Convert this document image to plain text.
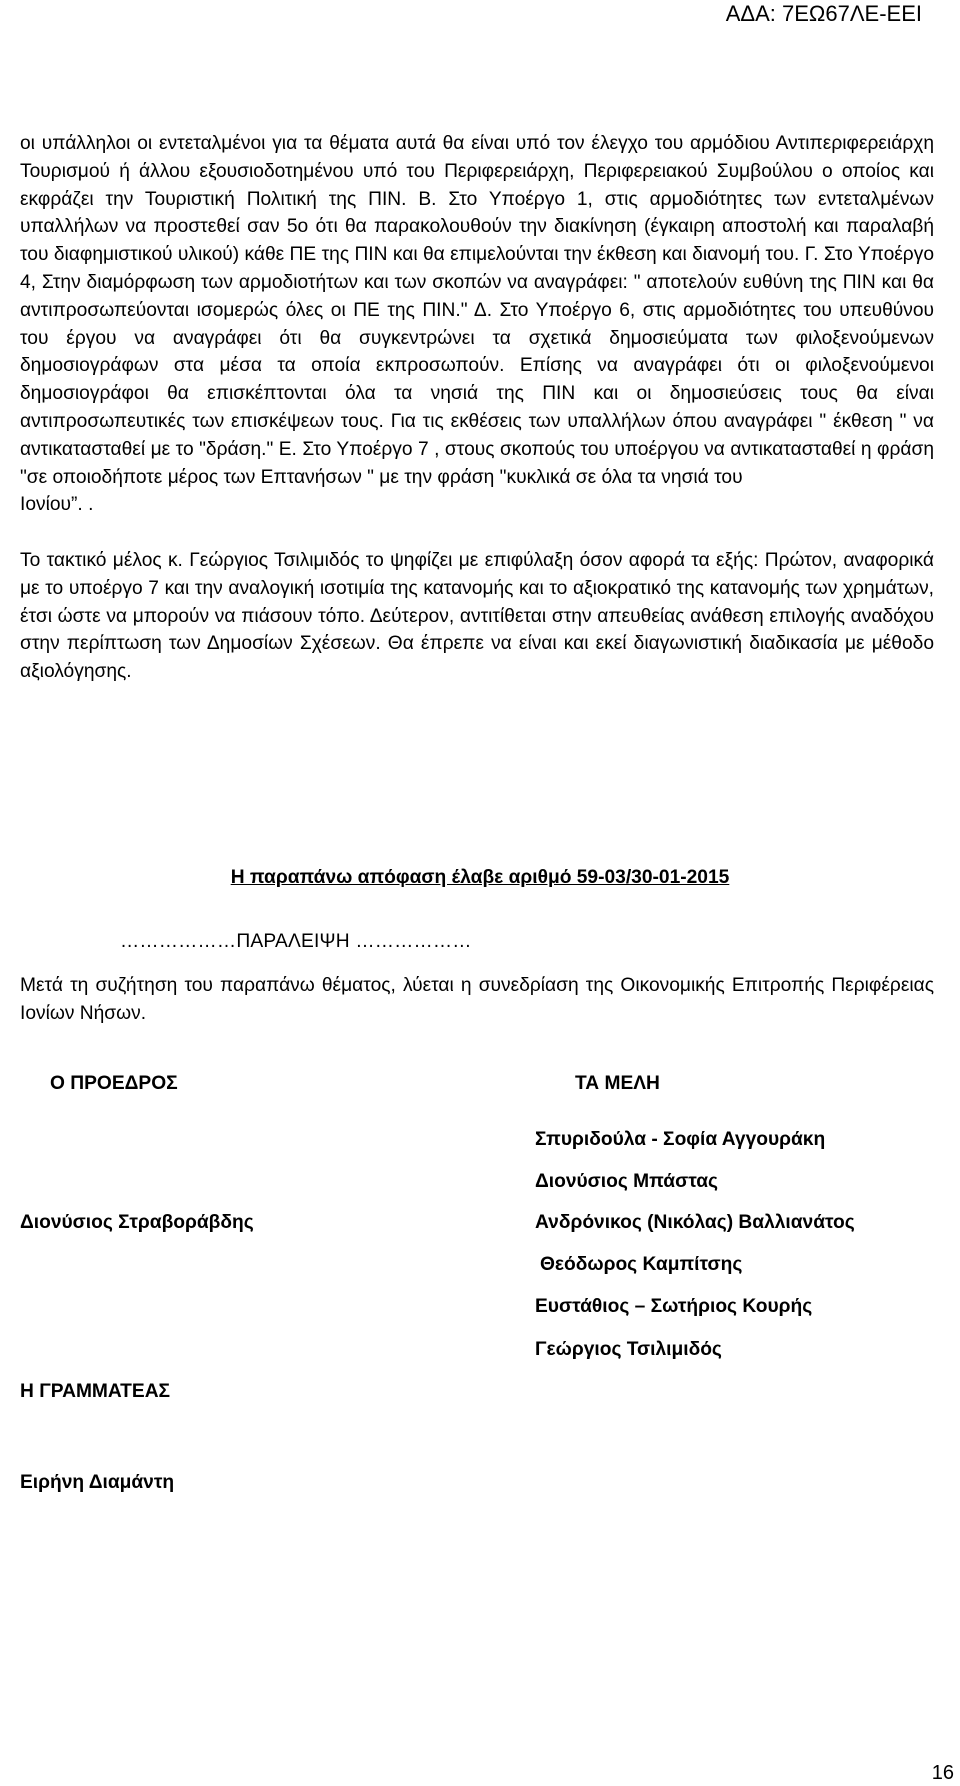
ΑΔΑ: 7ΕΩ67ΛΕ-ΕΕΙ

οι υπάλληλοι οι εντεταλμένοι για τα θέματα αυτά θα είναι υπό τον έλεγχο του αρμόδιου Αντιπεριφερειάρχη Τουρισμού ή άλλου εξουσιοδοτημένου υπό του Περιφερειάρχη, Περιφερειακού Συμβούλου ο οποίος και εκφράζει την Τουριστική Πολιτική της ΠΙΝ. Β. Στο Υποέργο 1, στις αρμοδιότητες των εντεταλμένων υπαλλήλων να προστεθεί σαν 5ο ότι θα παρακολουθούν την διακίνηση (έγκαιρη αποστολή και παραλαβή του διαφημιστικού υλικού) κάθε ΠΕ της ΠΙΝ και θα επιμελούνται την έκθεση και διανομή του. Γ. Στο Υποέργο 4, Στην διαμόρφωση των αρμοδιοτήτων και των σκοπών να αναγράφει: " αποτελούν ευθύνη της ΠΙΝ και θα αντιπροσωπεύονται ισομερώς όλες οι ΠΕ της ΠΙΝ." Δ. Στο Υποέργο 6, στις αρμοδιότητες του υπευθύνου του έργου να αναγράφει ότι θα συγκεντρώνει τα σχετικά δημοσιεύματα των φιλοξενούμενων δημοσιογράφων στα μέσα τα οποία εκπροσωπούν. Επίσης να αναγράφει ότι οι φιλοξενούμενοι δημοσιογράφοι θα επισκέπτονται όλα τα νησιά της ΠΙΝ και οι δημοσιεύσεις τους θα είναι αντιπροσωπευτικές των επισκέψεων τους. Για τις εκθέσεις των υπαλλήλων όπου αναγράφει " έκθεση " να αντικατασταθεί με το "δράση." Ε. Στο Υποέργο 7 , στους σκοπούς του υποέργου να αντικατασταθεί η φράση "σε οποιοδήποτε μέρος των Επτανήσων " με την φράση "κυκλικά σε όλα τα νησιά του

Ιονίου”. .

Το τακτικό μέλος κ. Γεώργιος Τσιλιμιδός το ψηφίζει με επιφύλαξη όσον αφορά τα εξής: Πρώτον, αναφορικά με το υποέργο 7 και την αναλογική ισοτιμία της κατανομής και το αξιοκρατικό της κατανομής των χρημάτων, έτσι ώστε να μπορούν να πιάσουν τόπο. Δεύτερον, αντιτίθεται στην απευθείας ανάθεση επιλογής αναδόχου στην περίπτωση των Δημοσίων Σχέσεων. Θα έπρεπε να είναι και εκεί διαγωνιστική διαδικασία με μέθοδο αξιολόγησης.

Η παραπάνω απόφαση έλαβε αριθμό 59-03/30-01-2015
………………ΠΑΡΑΛΕΙΨΗ ………………

Μετά τη συζήτηση του παραπάνω θέματος, λύεται η συνεδρίαση της Οικονομικής Επιτροπής Περιφέρειας Ιονίων Νήσων.

Ο ΠΡΟΕΔΡΟΣ
Διονύσιος Στραβοράβδης
Η ΓΡΑΜΜΑΤΕΑΣ
Ειρήνη Διαμάντη
ΤΑ ΜΕΛΗ
Σπυριδούλα - Σοφία Αγγουράκη
Διονύσιος Μπάστας
Ανδρόνικος (Νικόλας) Βαλλιανάτος
Θεόδωρος Καμπίτσης
Ευστάθιος – Σωτήριος Κουρής
Γεώργιος Τσιλιμιδός
16
